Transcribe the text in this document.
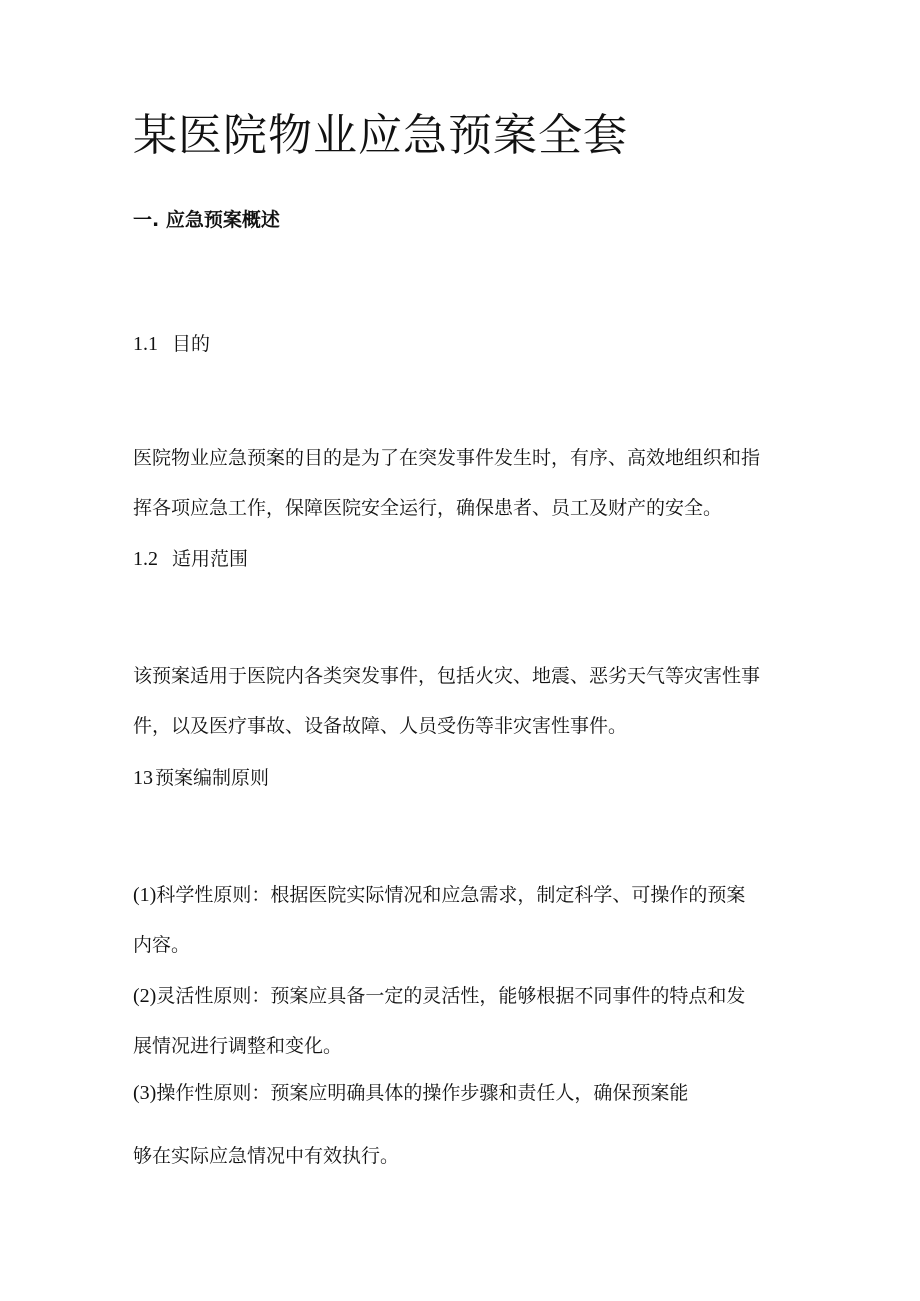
某医院物业应急预案全套
一. 应急预案概述
1.1 目的
医院物业应急预案的目的是为了在突发事件发生时，有序、高效地组织和指
挥各项应急工作，保障医院安全运行，确保患者、员工及财产的安全。
1.2 适用范围
该预案适用于医院内各类突发事件，包括火灾、地震、恶劣天气等灾害性事
件，以及医疗事故、设备故障、人员受伤等非灾害性事件。
13 预案编制原则
(1)科学性原则：根据医院实际情况和应急需求，制定科学、可操作的预案
内容。
(2)灵活性原则：预案应具备一定的灵活性，能够根据不同事件的特点和发
展情况进行调整和变化。
(3)操作性原则：预案应明确具体的操作步骤和责任人，确保预案能
够在实际应急情况中有效执行。
